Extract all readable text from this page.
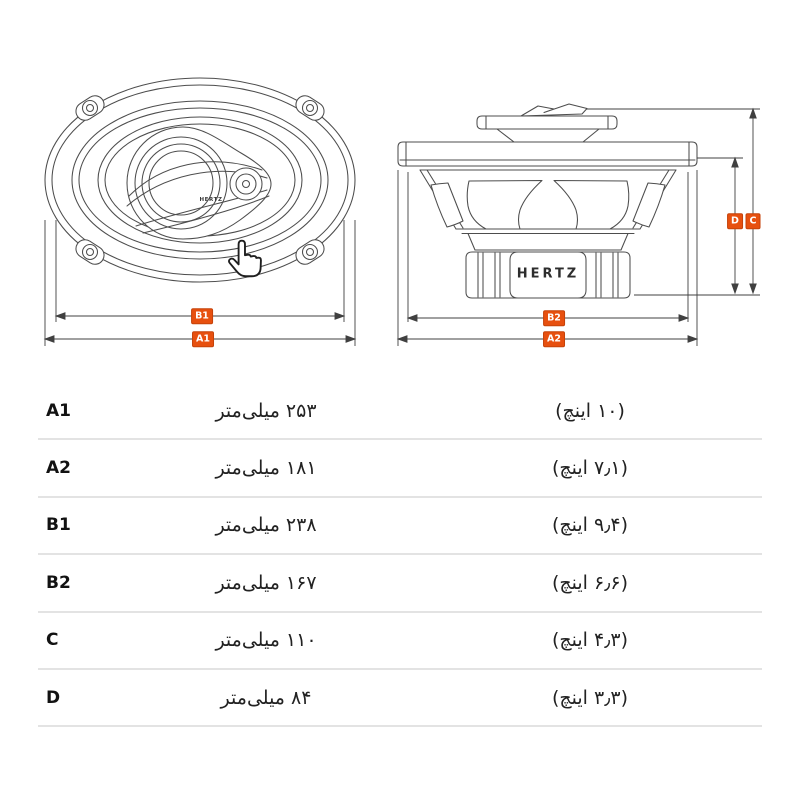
B1
A1
B2
A2
D	C
HERTZ
HERTZ
A1	۲۵۳ میلی‌متر	(۱۰ اینچ)
A2	۱۸۱ میلی‌متر	(۷٫۱ اینچ)
B1	۲۳۸ میلی‌متر	(۹٫۴ اینچ)
B2	۱۶۷ میلی‌متر	(۶٫۶ اینچ)
C	۱۱۰ میلی‌متر	(۴٫۳ اینچ)
D	۸۴ میلی‌متر	(۳٫۳ اینچ)
